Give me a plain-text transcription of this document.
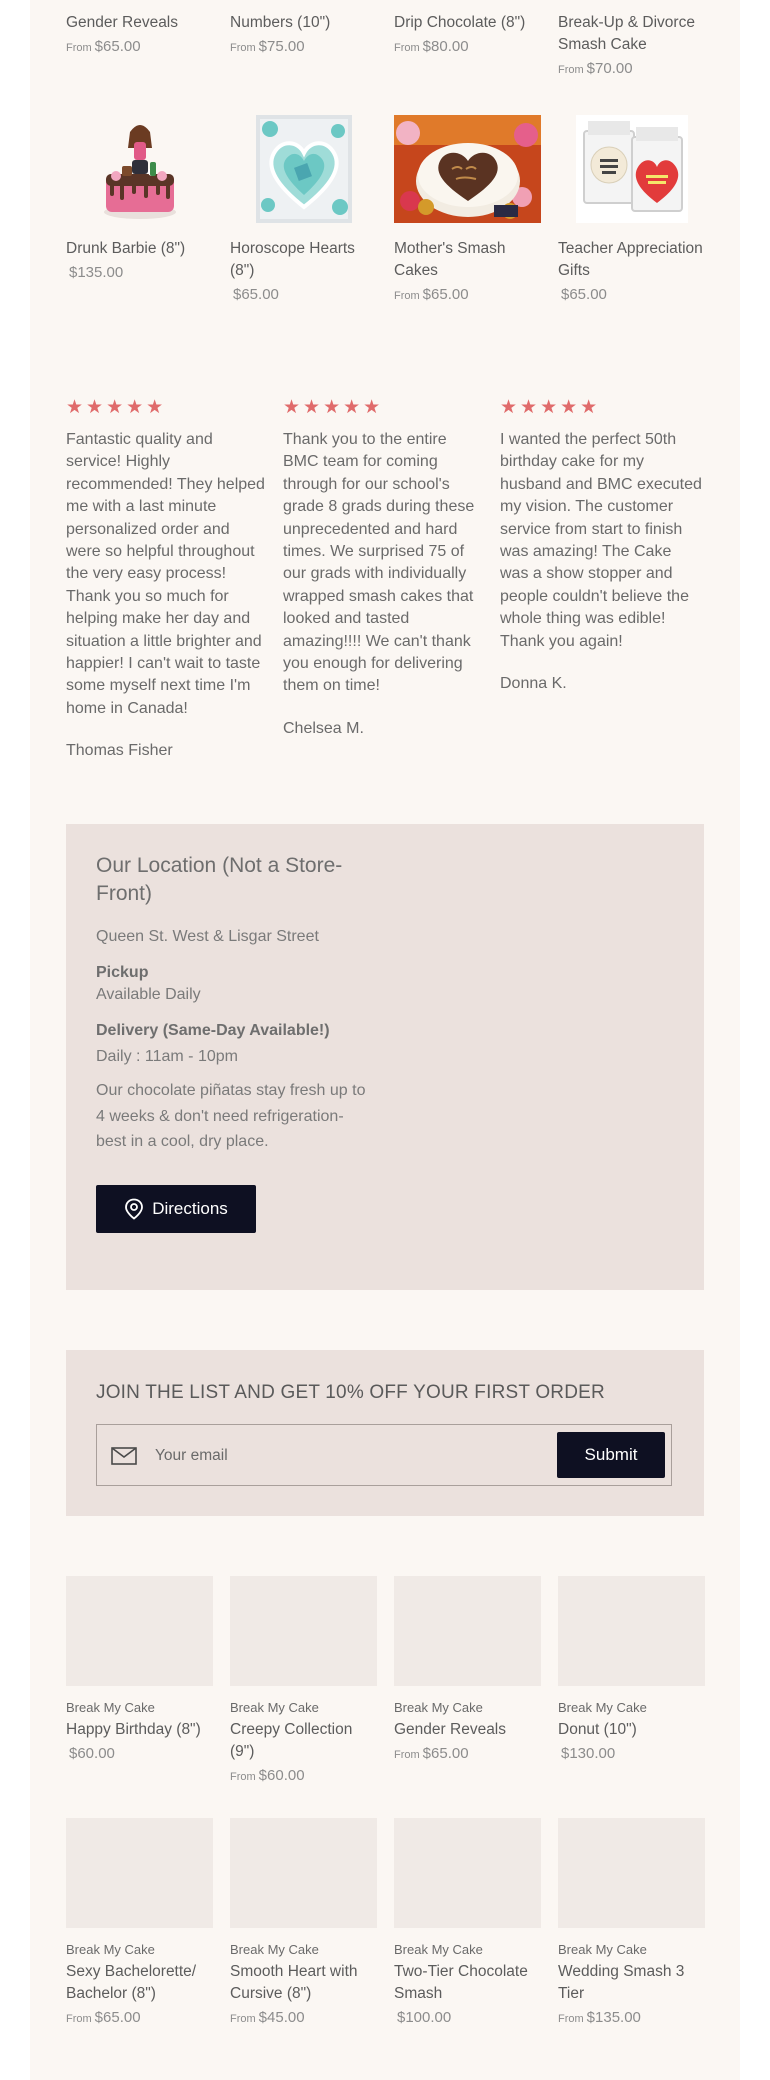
Gender Reveals
From $65.00
Numbers (10")
From $75.00
Drip Chocolate (8")
From $80.00
Break-Up & Divorce Smash Cake
From $70.00
Drunk Barbie (8")
$135.00
Horoscope Hearts (8")
$65.00
Mother's Smash Cakes
From $65.00
Teacher Appreciation Gifts
$65.00
★★★★★
Fantastic quality and service! Highly recommended! They helped me with a last minute personalized order and were so helpful throughout the very easy process! Thank you so much for helping make her day and situation a little brighter and happier! I can't wait to taste some myself next time I'm home in Canada!
Thomas Fisher
★★★★★
Thank you to the entire BMC team for coming through for our school's grade 8 grads during these unprecedented and hard times. We surprised 75 of our grads with individually wrapped smash cakes that looked and tasted amazing!!!! We can't thank you enough for delivering them on time!
Chelsea M.
★★★★★
I wanted the perfect 50th birthday cake for my husband and BMC executed my vision. The customer service from start to finish was amazing! The Cake was a show stopper and people couldn't believe the whole thing was edible! Thank you again!
Donna K.
Our Location (Not a Store-Front)
Queen St. West & Lisgar Street
Pickup
Available Daily
Delivery (Same-Day Available!)
Daily : 11am - 10pm
Our chocolate piñatas stay fresh up to 4 weeks & don't need refrigeration- best in a cool, dry place.
Directions
JOIN THE LIST AND GET 10% OFF YOUR FIRST ORDER
Your email
Submit
Break My Cake
Happy Birthday (8")
$60.00
Break My Cake
Creepy Collection (9")
From $60.00
Break My Cake
Gender Reveals
From $65.00
Break My Cake
Donut (10")
$130.00
Break My Cake
Sexy Bachelorette/ Bachelor (8")
From $65.00
Break My Cake
Smooth Heart with Cursive (8")
From $45.00
Break My Cake
Two-Tier Chocolate Smash
$100.00
Break My Cake
Wedding Smash 3 Tier
From $135.00
